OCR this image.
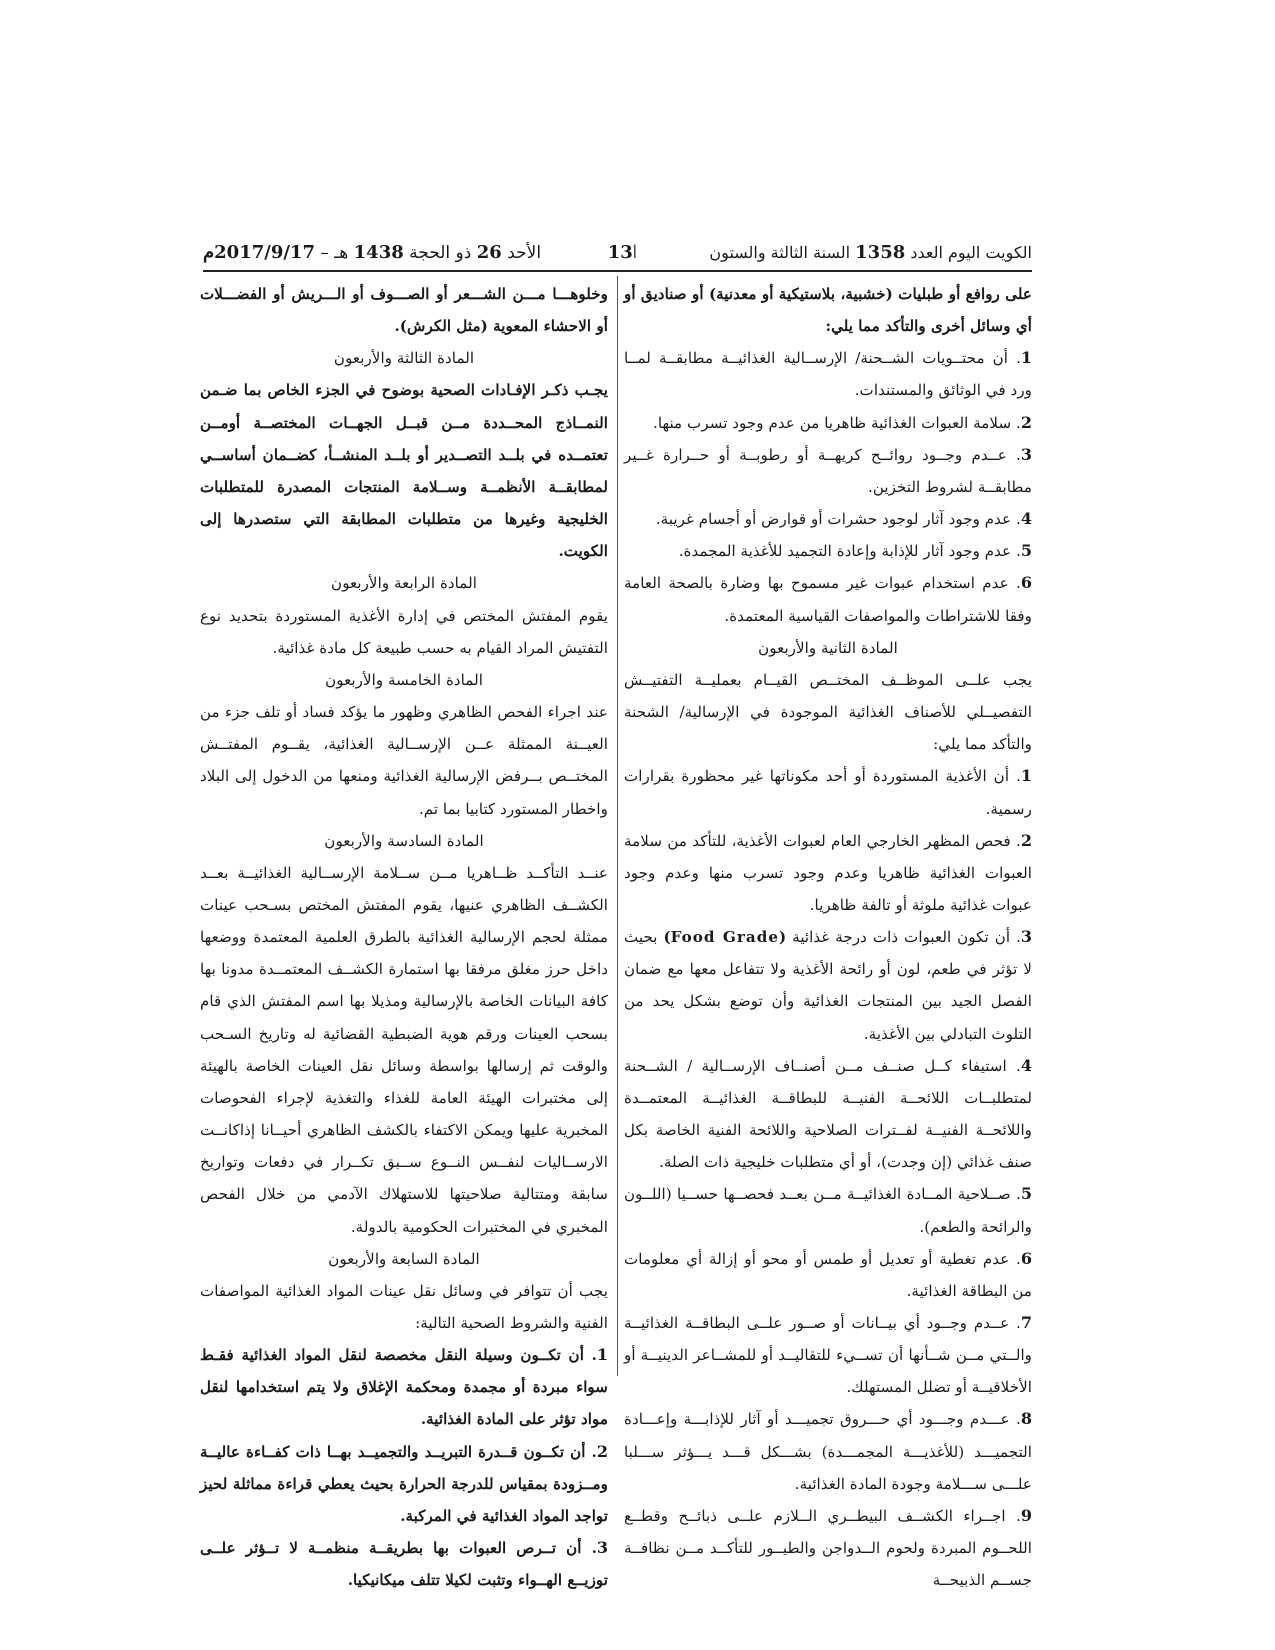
الأحد 26 ذو الحجة 1438 هـ – 2017/9/17م	13أ	الكويت اليوم العدد 1358 السنة الثالثة والستون

على روافع أو طبليات (خشبية، بلاستيكية أو معدنية) أو صناديق أو أي وسائل أخرى والتأكد مما يلي:

1. أن محتــويات الشــحنة/ الإرســالية الغذائيــة مطابقــة لمــا ورد في الوثائق والمستندات.

2. سلامة العبوات الغذائية ظاهريا من عدم وجود تسرب منها.

3. عــدم وجــود روائــح كريهــة أو رطوبــة أو حــرارة غــير مطابقــة لشروط التخزين.

4. عدم وجود آثار لوجود حشرات أو قوارض أو أجسام غريبة.

5. عدم وجود آثار للإذابة وإعادة التجميد للأغذية المجمدة.

6. عدم استخدام عبوات غير مسموح بها وضارة بالصحة العامة وفقا للاشتراطات والمواصفات القياسية المعتمدة.

المادة الثانية والأربعون

يجب علــى الموظــف المختــص القيــام بعمليــة التفتيــش التفصيــلي للأصناف الغذائية الموجودة في الإرسالية/ الشحنة والتأكد مما يلي:

1. أن الأغذية المستوردة أو أحد مكوناتها غير محظورة بقرارات رسمية.

2. فحص المظهر الخارجي العام لعبوات الأغذية، للتأكد من سلامة العبوات الغذائية ظاهريا وعدم وجود تسرب منها وعدم وجود عبوات غذائية ملوثة أو تالفة ظاهريا.

3. أن تكون العبوات ذات درجة غذائية (Food Grade) بحيث لا تؤثر في طعم، لون أو رائحة الأغذية ولا تتفاعل معها مع ضمان الفصل الجيد بين المنتجات الغذائية وأن توضع بشكل يحد من التلوث التبادلي بين الأغذية.

4. استيفاء كــل صنــف مــن أصنــاف الإرســالية / الشــحنة لمتطلبــات اللائحــة الفنيــة للبطاقــة الغذائيــة المعتمــدة واللائحــة الفنيــة لفــترات الصلاحية واللائحة الفنية الخاصة بكل صنف غذائي (إن وجدت)، أو أي متطلبات خليجية ذات الصلة.

5. صــلاحية المــادة الغذائيــة مــن بعــد فحصــها حســيا (اللــون والرائحة والطعم).

6. عدم تغطية أو تعديل أو طمس أو محو أو إزالة أي معلومات من البطاقة الغذائية.

7. عــدم وجــود أي بيــانات أو صــور علــى البطاقــة الغذائيــة والــتي مــن شــأنها أن تســيء للتقاليــد أو للمشــاعر الدينيــة أو الأخلاقيــة أو تضلل المستهلك.

8. عـــدم وجـــود أي حـــروق تجميـــد أو آثار للإذابـــة وإعـــادة التجميـــد (للأغذيـــة المجمـــدة) بشـــكل قـــد يـــؤثر ســـلبا علـــى ســـلامة وجودة المادة الغذائية.

9. اجــراء الكشــف البيطــري الــلازم علــى ذبائــح وقطــع اللحــوم المبردة ولحوم الــدواجن والطيــور للتأكــد مــن نظافــة جســم الذبيحــة

وخلوهـــا مـــن الشـــعر أو الصـــوف أو الـــريش أو الفضـــلات أو الاحشاء المعوية (مثل الكرش).

المادة الثالثة والأربعون

يجـب ذكـر الإفـادات الصحية بوضوح في الجزء الخاص بما ضـمن النمــاذج المحــددة مــن قبــل الجهــات المختصــة أومــن تعتمــده في بلــد التصــدير أو بلــد المنشــأ، كضــمان أساســي لمطابقــة الأنظمــة وســلامة المنتجات المصدرة للمتطلبات الخليجية وغيرها من متطلبات المطابقة التي ستصدرها إلى الكويت.

المادة الرابعة والأربعون

يقوم المفتش المختص في إدارة الأغذية المستوردة بتحديد نوع التفتيش المراد القيام به حسب طبيعة كل مادة غذائية.

المادة الخامسة والأربعون

عند اجراء الفحص الظاهري وظهور ما يؤكد فساد أو تلف جزء من العيــنة الممثلة عــن الإرســالية الغذائية، يقــوم المفتــش المختــص بــرفض الإرسالية الغذائية ومنعها من الدخول إلى البلاد واخطار المستورد كتابيا بما تم.

المادة السادسة والأربعون

عنــد التأكــد ظــاهريا مــن ســلامة الإرســالية الغذائيــة بعــد الكشــف الظاهري عنيها، يقوم المفتش المختص بسـحب عينات ممثلة لحجم الإرسالية الغذائية بالطرق العلمية المعتمدة ووضعها داخل حرز مغلق مرفقا بها استمارة الكشــف المعتمــدة مدونا بها كافة البيانات الخاصة بالإرسالية ومذيلا بها اسم المفتش الذي قام بسحب العينات ورقم هوية الضبطية القضائية له وتاريخ السـحب والوقت ثم إرسالها بواسطة وسائل نقل العينات الخاصة بالهيئة إلى مختبرات الهيئة العامة للغذاء والتغذية لإجراء الفحوصات المخبرية عليها ويمكن الاكتفاء بالكشف الظاهري أحيــانا إذاكانــت الارســاليات لنفــس النــوع ســبق تكــرار في دفعات وتواريخ سابقة ومتتالية صلاحيتها للاستهلاك الآدمي من خلال الفحص المخبري في المختبرات الحكومية بالدولة.

المادة السابعة والأربعون

يجب أن تتوافر في وسائل نقل عينات المواد الغذائية المواصفات الفنية والشروط الصحية التالية:

1. أن تكــون وسيلة النقل مخصصة لنقل المواد الغذائية فقـط سواء مبردة أو مجمدة ومحكمة الإغلاق ولا يتم استخدامها لنقل مواد تؤثر على المادة الغذائية.

2. أن تكــون قــدرة التبريــد والتجميــد بهــا ذات كفــاءة عاليــة ومــزودة بمقياس للدرجة الحرارة بحيث يعطي قراءة مماثلة لحيز تواجد المواد الغذائية في المركبة.

3. أن تــرص العبوات بها بطريقــة منظمــة لا تــؤثر علــى توزيــع الهــواء وتثبت لكيلا تتلف ميكانيكيا.
